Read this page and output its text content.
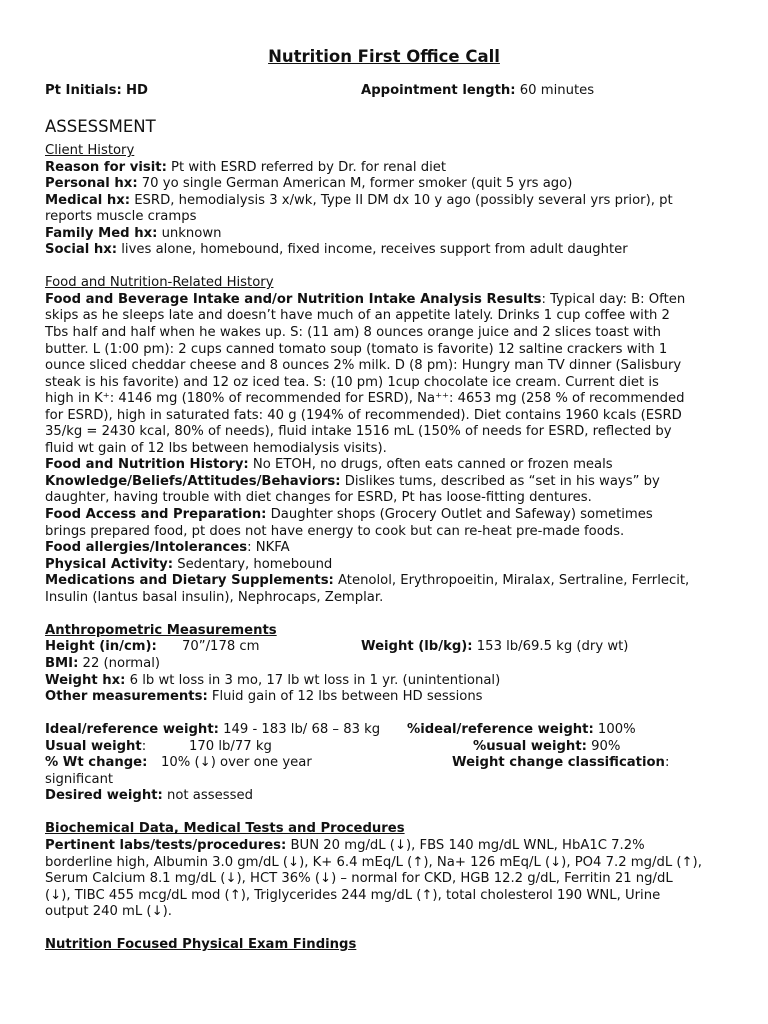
Nutrition First Office Call
Pt Initials: HD	Appointment length: 60 minutes
ASSESSMENT
Client History
Reason for visit: Pt with ESRD referred by Dr. for renal diet
Personal hx: 70 yo single German American M, former smoker (quit 5 yrs ago)
Medical hx: ESRD, hemodialysis 3 x/wk, Type II DM dx 10 y ago (possibly several yrs prior), pt
reports muscle cramps
Family Med hx: unknown
Social hx: lives alone, homebound, fixed income, receives support from adult daughter
Food and Nutrition-Related History
Food and Beverage Intake and/or Nutrition Intake Analysis Results: Typical day: B: Often
skips as he sleeps late and doesn’t have much of an appetite lately. Drinks 1 cup coffee with 2
Tbs half and half when he wakes up. S: (11 am) 8 ounces orange juice and 2 slices toast with
butter. L (1:00 pm): 2 cups canned tomato soup (tomato is favorite) 12 saltine crackers with 1
ounce sliced cheddar cheese and 8 ounces 2% milk. D (8 pm): Hungry man TV dinner (Salisbury
steak is his favorite) and 12 oz iced tea. S: (10 pm) 1cup chocolate ice cream. Current diet is
high in K⁺: 4146 mg (180% of recommended for ESRD), Na⁺⁺: 4653 mg (258 % of recommended
for ESRD), high in saturated fats: 40 g (194% of recommended). Diet contains 1960 kcals (ESRD
35/kg = 2430 kcal, 80% of needs), fluid intake 1516 mL (150% of needs for ESRD, reflected by
fluid wt gain of 12 lbs between hemodialysis visits).
Food and Nutrition History: No ETOH, no drugs, often eats canned or frozen meals
Knowledge/Beliefs/Attitudes/Behaviors: Dislikes tums, described as “set in his ways” by
daughter, having trouble with diet changes for ESRD, Pt has loose-fitting dentures.
Food Access and Preparation: Daughter shops (Grocery Outlet and Safeway) sometimes
brings prepared food, pt does not have energy to cook but can re-heat pre-made foods.
Food allergies/Intolerances: NKFA
Physical Activity: Sedentary, homebound
Medications and Dietary Supplements: Atenolol, Erythropoeitin, Miralax, Sertraline, Ferrlecit,
Insulin (lantus basal insulin), Nephrocaps, Zemplar.
Anthropometric Measurements
Height (in/cm): 70”/178 cm	Weight (lb/kg): 153 lb/69.5 kg (dry wt)
BMI: 22 (normal)
Weight hx: 6 lb wt loss in 3 mo, 17 lb wt loss in 1 yr. (unintentional)
Other measurements: Fluid gain of 12 lbs between HD sessions
Ideal/reference weight: 149 - 183 lb/ 68 – 83 kg %ideal/reference weight: 100%
Usual weight:	170 lb/77 kg	%usual weight: 90%
% Wt change: 10% (↓) over one year	Weight change classification:
significant
Desired weight: not assessed
Biochemical Data, Medical Tests and Procedures
Pertinent labs/tests/procedures: BUN 20 mg/dL (↓), FBS 140 mg/dL WNL, HbA1C 7.2%
borderline high, Albumin 3.0 gm/dL (↓), K+ 6.4 mEq/L (↑), Na+ 126 mEq/L (↓), PO4 7.2 mg/dL (↑),
Serum Calcium 8.1 mg/dL (↓), HCT 36% (↓) – normal for CKD, HGB 12.2 g/dL, Ferritin 21 ng/dL
(↓), TIBC 455 mcg/dL mod (↑), Triglycerides 244 mg/dL (↑), total cholesterol 190 WNL, Urine
output 240 mL (↓).
Nutrition Focused Physical Exam Findings
